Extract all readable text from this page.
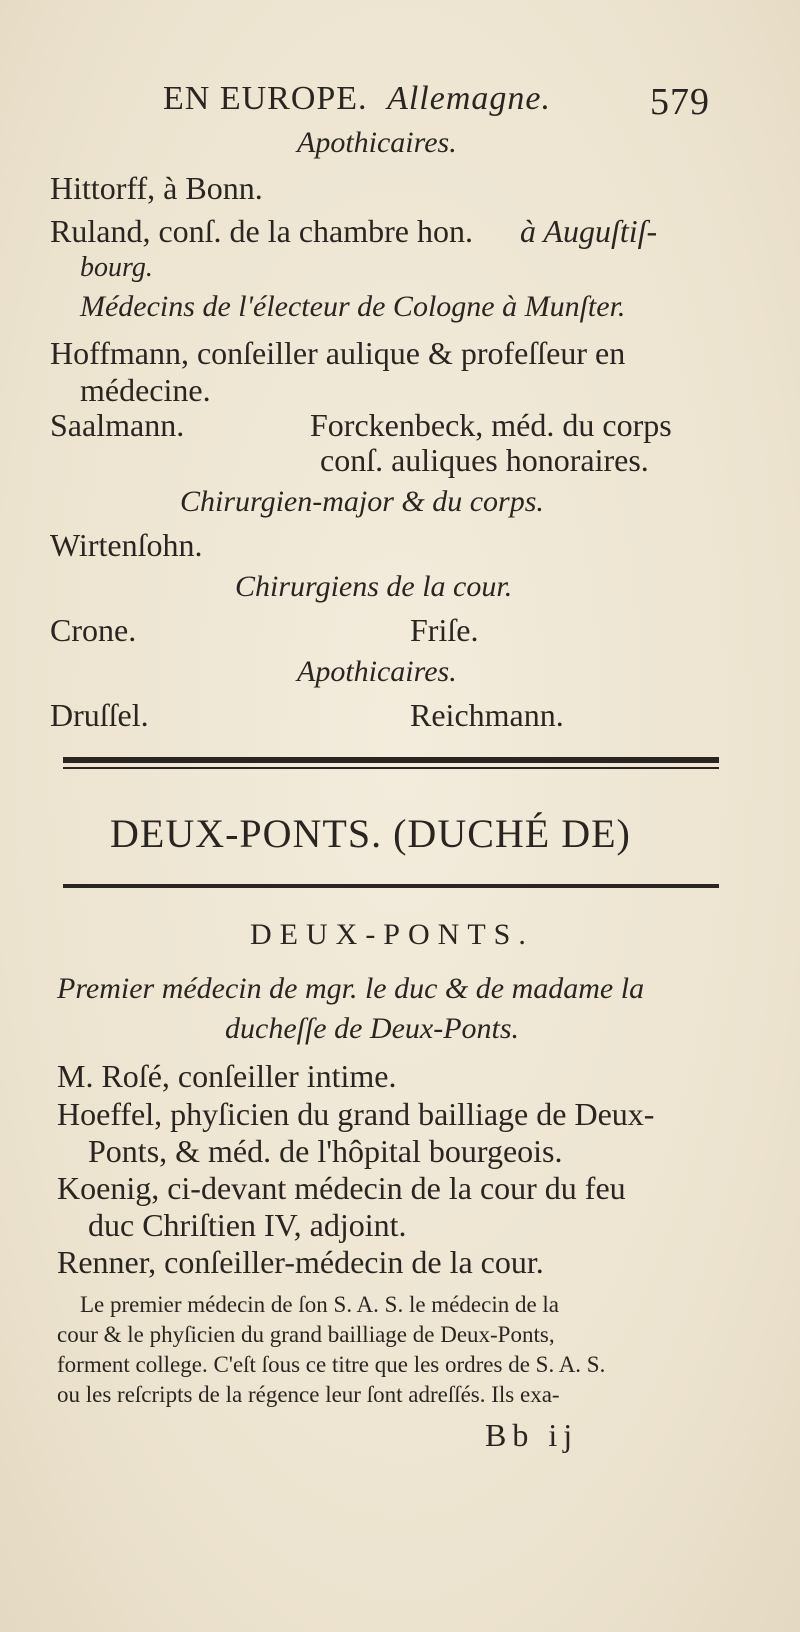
EN EUROPE. Allemagne.	579
Apothicaires.
Hittorff, à Bonn.
Ruland, conſ. de la chambre hon. à Auguſtiſ-
bourg.
Médecins de l'électeur de Cologne à Munſter.
Hoffmann, conſeiller aulique & profeſſeur en
médecine.
Saalmann.	Forckenbeck, méd. du corps
conſ. auliques honoraires.
Chirurgien-major & du corps.
Wirtenſohn.
Chirurgiens de la cour.
Crone.	Friſe.
Apothicaires.
Druſſel.	Reichmann.
DEUX-PONTS. (DUCHÉ DE)
DEUX-PONTS.
Premier médecin de mgr. le duc & de madame la
ducheſſe de Deux-Ponts.
M. Roſé, conſeiller intime.
Hoeffel, phyſicien du grand bailliage de Deux-
Ponts, & méd. de l'hôpital bourgeois.
Koenig, ci-devant médecin de la cour du feu
duc Chriſtien IV, adjoint.
Renner, conſeiller-médecin de la cour.
Le premier médecin de ſon S. A. S. le médecin de la
cour & le phyſicien du grand bailliage de Deux-Ponts,
forment college. C'eſt ſous ce titre que les ordres de S. A. S.
ou les reſcripts de la régence leur ſont adreſſés. Ils exa-
Bb ij
